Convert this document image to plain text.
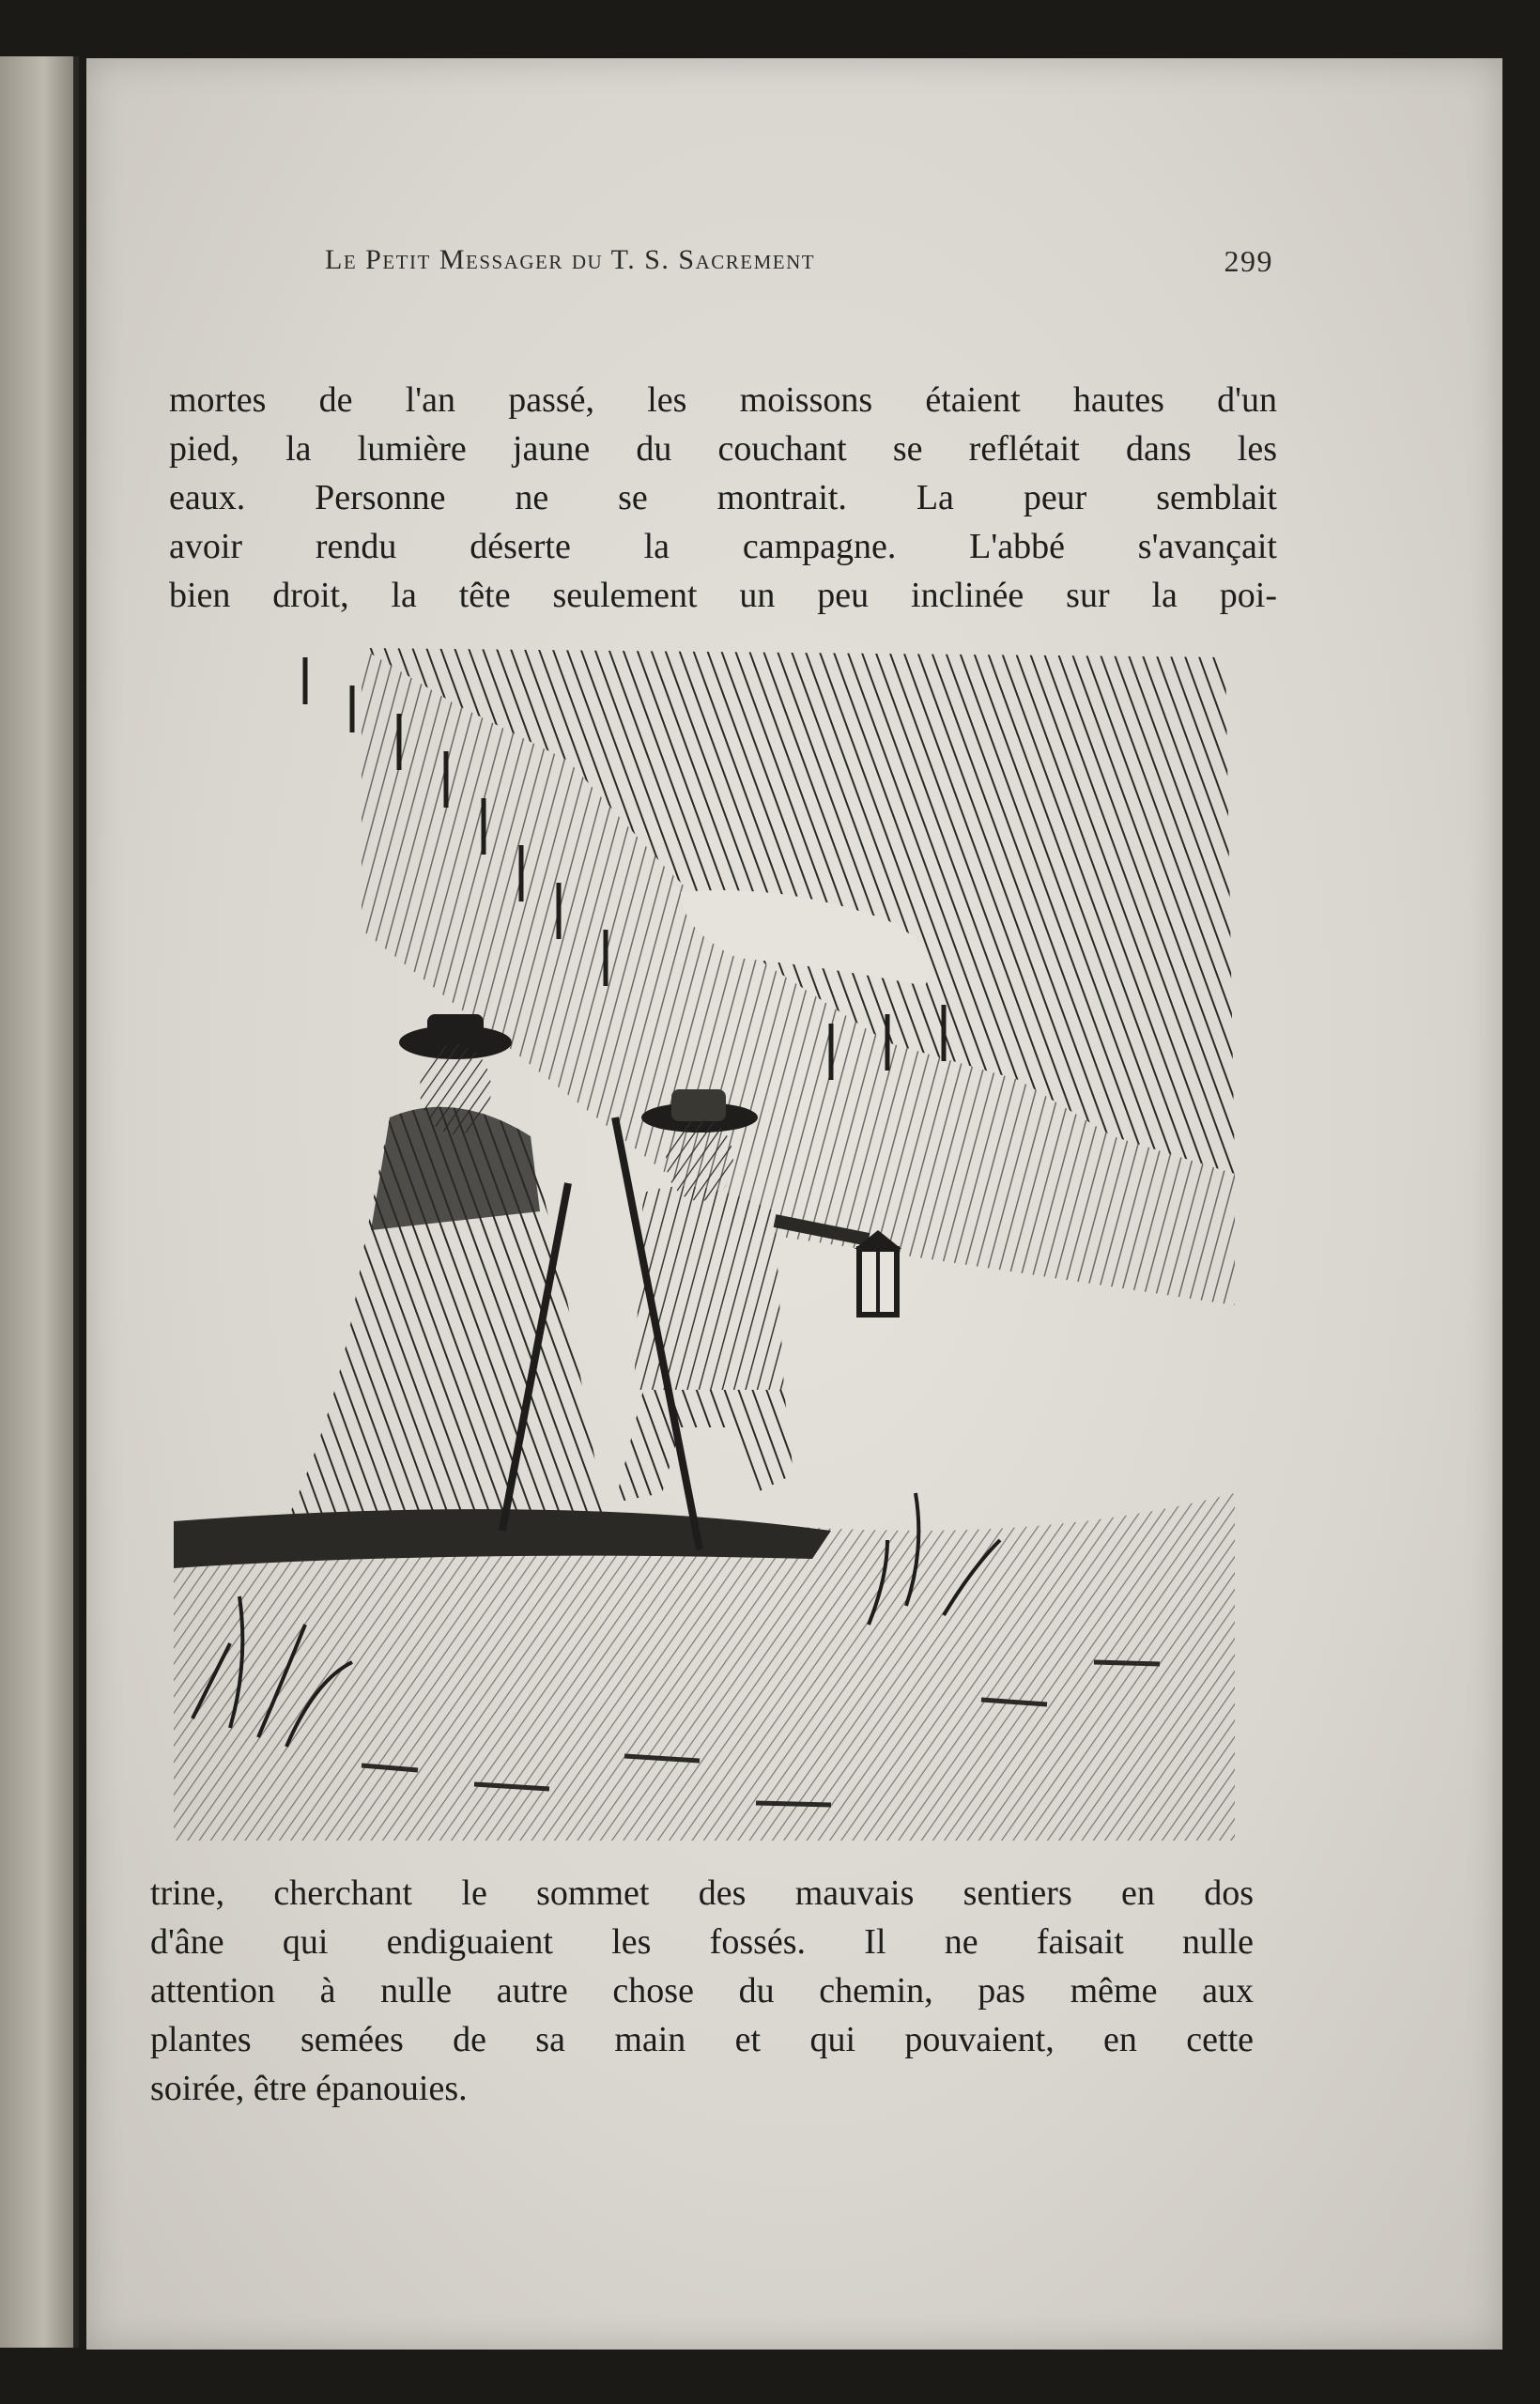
Le Petit Messager du T. S. Sacrement	299

mortes de l'an passé, les moissons étaient hautes d'un
pied, la lumière jaune du couchant se reflétait dans les
eaux. Personne ne se montrait. La peur semblait
avoir rendu déserte la campagne. L'abbé s'avançait
bien droit, la tête seulement un peu inclinée sur la poi-

trine, cherchant le sommet des mauvais sentiers en dos
d'âne qui endiguaient les fossés. Il ne faisait nulle
attention à nulle autre chose du chemin, pas même aux
plantes semées de sa main et qui pouvaient, en cette
soirée, être épanouies.
